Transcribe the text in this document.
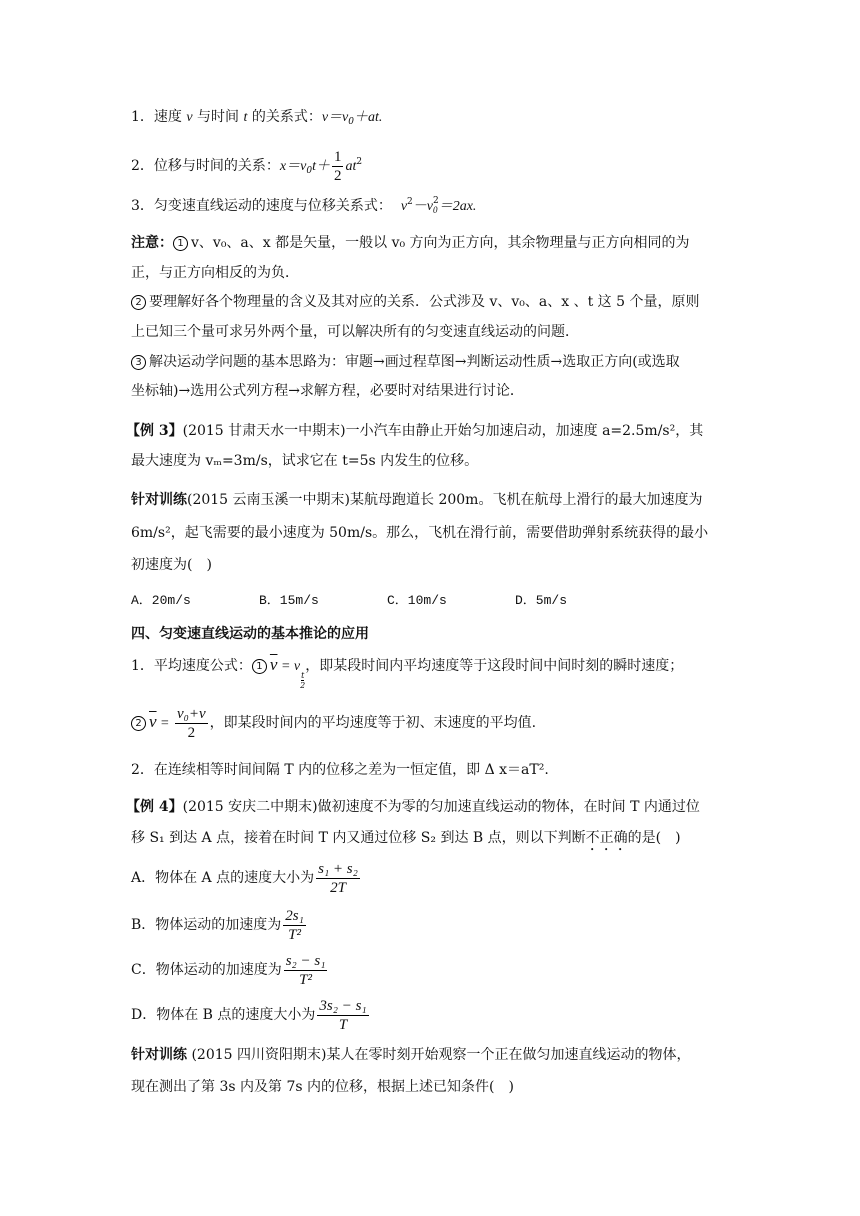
1．速度 v 与时间 t 的关系式：$v=v_0+at$.
2．位移与时间的关系：$x=v_0t+ \frac{1}{2} at^2$
3．匀变速直线运动的速度与位移关系式： $v^2-v$ 2
0 ＝2ax.
注意： 1 v、v₀、a、x 都是矢量，一般以 v₀ 方向为正方向，其余物理量与正方向相同的为
正，与正方向相反的为负．
2 要理解好各个物理量的含义及其对应的关系．公式涉及 v、v₀、a、x 、t 这 5 个量，原则
上已知三个量可求另外两个量，可以解决所有的匀变速直线运动的问题．
3 解决运动学问题的基本思路为：审题→画过程草图→判断运动性质→选取正方向(或选取
坐标轴)→选用公式列方程→求解方程，必要时对结果进行讨论．
【例 3】(2015 甘肃天水一中期末)一小汽车由静止开始匀加速启动，加速度 a=2.5m/s²，其
最大速度为 vₘ=3m/s，试求它在 t=5s 内发生的位移。
针对训练(2015 云南玉溪一中期末)某航母跑道长 200m。飞机在航母上滑行的最大加速度为
6m/s²，起飞需要的最小速度为 50m/s。那么，飞机在滑行前，需要借助弹射系统获得的最小
初速度为(　)
A．20m/s	B．15m/s	C．10m/s	D．5m/s
四、匀变速直线运动的基本推论的应用
1．平均速度公式： 1 $\overline{v} = v$
$\frac{t}{2}$
，即某段时间内平均速度等于这段时间中间时刻的瞬时速度；
2 $\overline{v} = \frac{\text{v₀+v}}{2}$ ，即某段时间内的平均速度等于初、末速度的平均值.
2．在连续相等时间间隔 T 内的位移之差为一恒定值，即 Δ x＝aT².
【例 4】(2015 安庆二中期末)做初速度不为零的匀加速直线运动的物体，在时间 T 内通过位
移 S₁ 到达 A 点，接着在时间 T 内又通过位移 S₂ 到达 B 点，则以下判断不正确的是(　)
A．物体在 A 点的速度大小为 $\frac{\text{s₁ + s₂}}{2T}$
B．物体运动的加速度为 $\frac{\text{2s₁}}{\text{T²}}$
C．物体运动的加速度为 $\frac{\text{s₂ − s₁}}{\text{T²}}$
D．物体在 B 点的速度大小为 $\frac{\text{3s₂ − s₁}}{T}$
针对训练 (2015 四川资阳期末)某人在零时刻开始观察一个正在做匀加速直线运动的物体，
现在测出了第 3s 内及第 7s 内的位移，根据上述已知条件(　)
